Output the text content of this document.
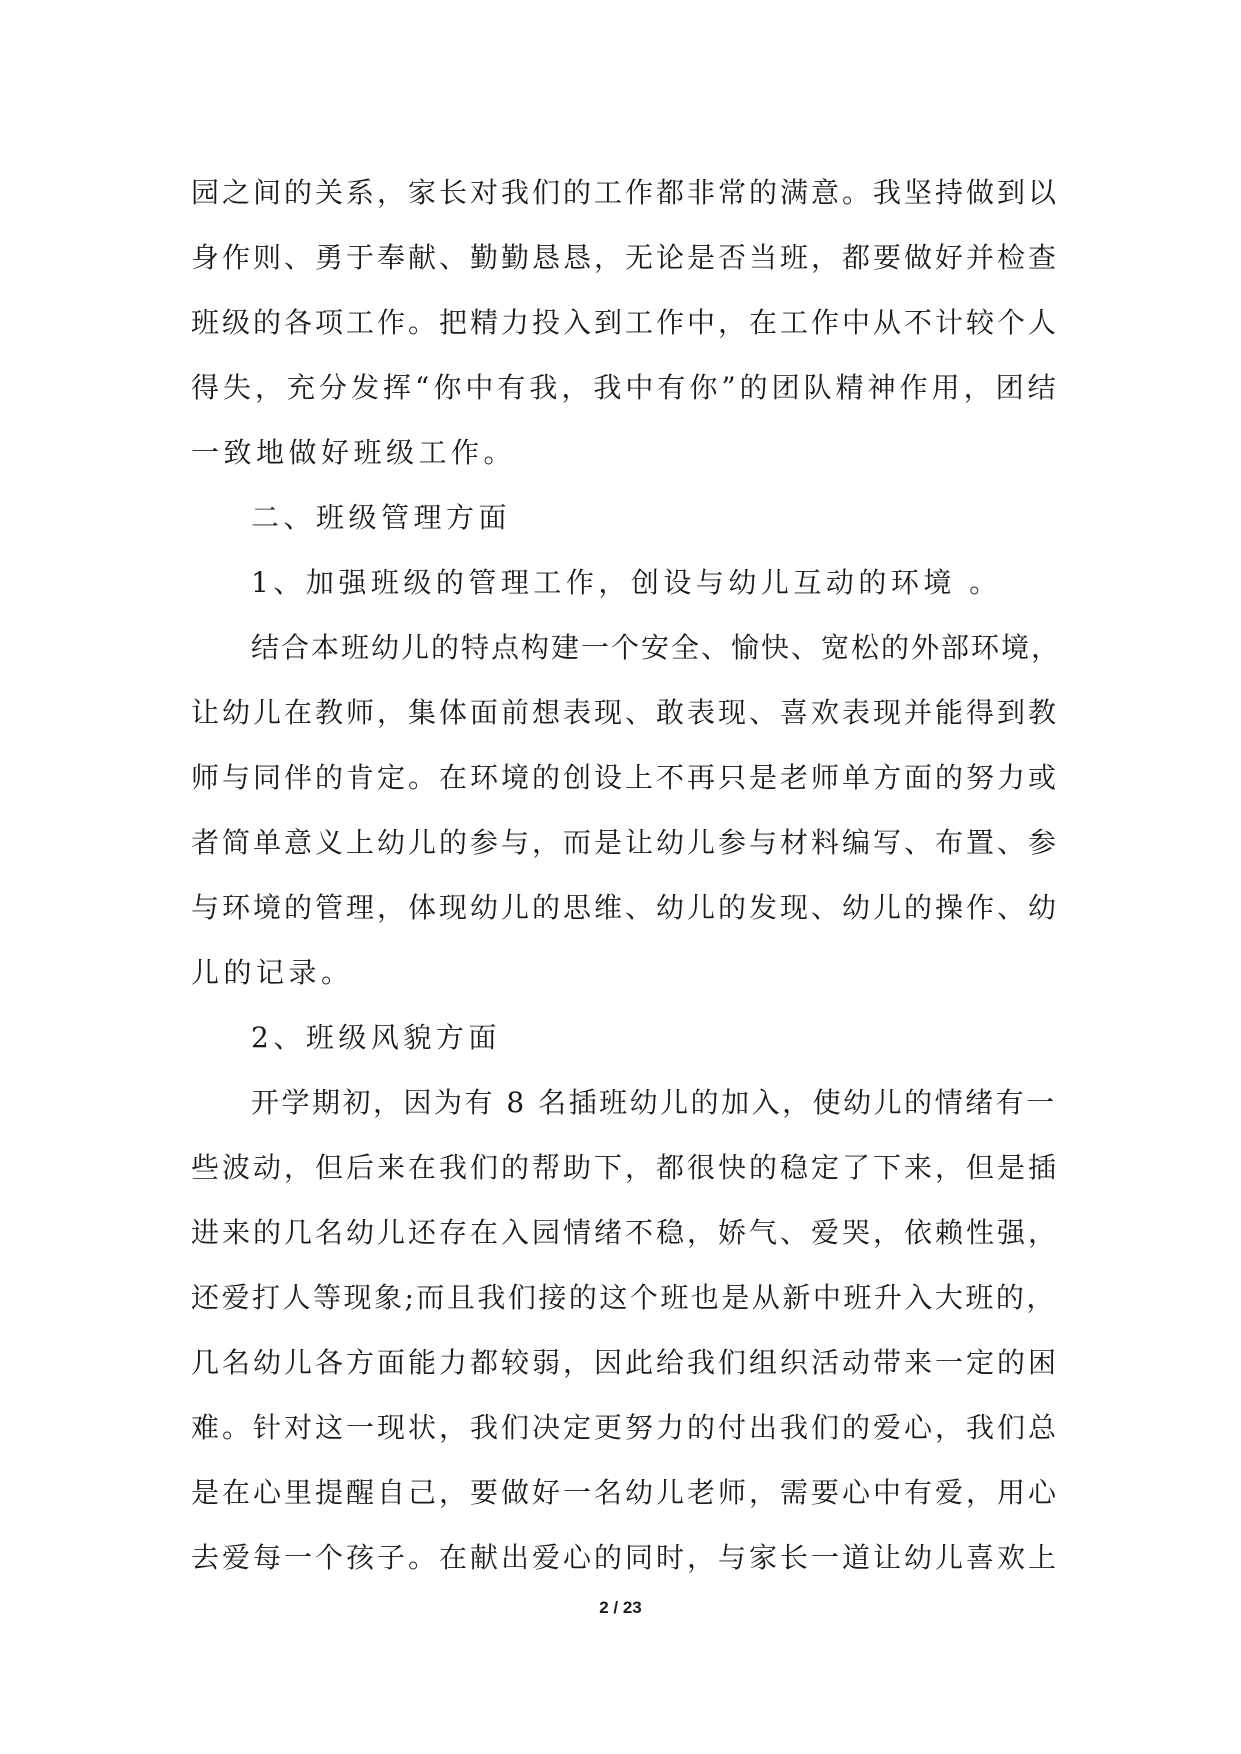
园之间的关系，家长对我们的工作都非常的满意。我坚持做到以
身作则、勇于奉献、勤勤恳恳，无论是否当班，都要做好并检查
班级的各项工作。把精力投入到工作中，在工作中从不计较个人
得失，充分发挥“你中有我，我中有你”的团队精神作用，团结
一致地做好班级工作。
二、班级管理方面
1、加强班级的管理工作，创设与幼儿互动的环境 。
结合本班幼儿的特点构建一个安全、愉快、宽松的外部环境，
让幼儿在教师，集体面前想表现、敢表现、喜欢表现并能得到教
师与同伴的肯定。在环境的创设上不再只是老师单方面的努力或
者简单意义上幼儿的参与，而是让幼儿参与材料编写、布置、参
与环境的管理，体现幼儿的思维、幼儿的发现、幼儿的操作、幼
儿的记录。
2、班级风貌方面
开学期初，因为有 8 名插班幼儿的加入，使幼儿的情绪有一
些波动，但后来在我们的帮助下，都很快的稳定了下来，但是插
进来的几名幼儿还存在入园情绪不稳，娇气、爱哭，依赖性强，
还爱打人等现象;而且我们接的这个班也是从新中班升入大班的，
几名幼儿各方面能力都较弱，因此给我们组织活动带来一定的困
难。针对这一现状，我们决定更努力的付出我们的爱心，我们总
是在心里提醒自己，要做好一名幼儿老师，需要心中有爱，用心
去爱每一个孩子。在献出爱心的同时，与家长一道让幼儿喜欢上
2 / 23
